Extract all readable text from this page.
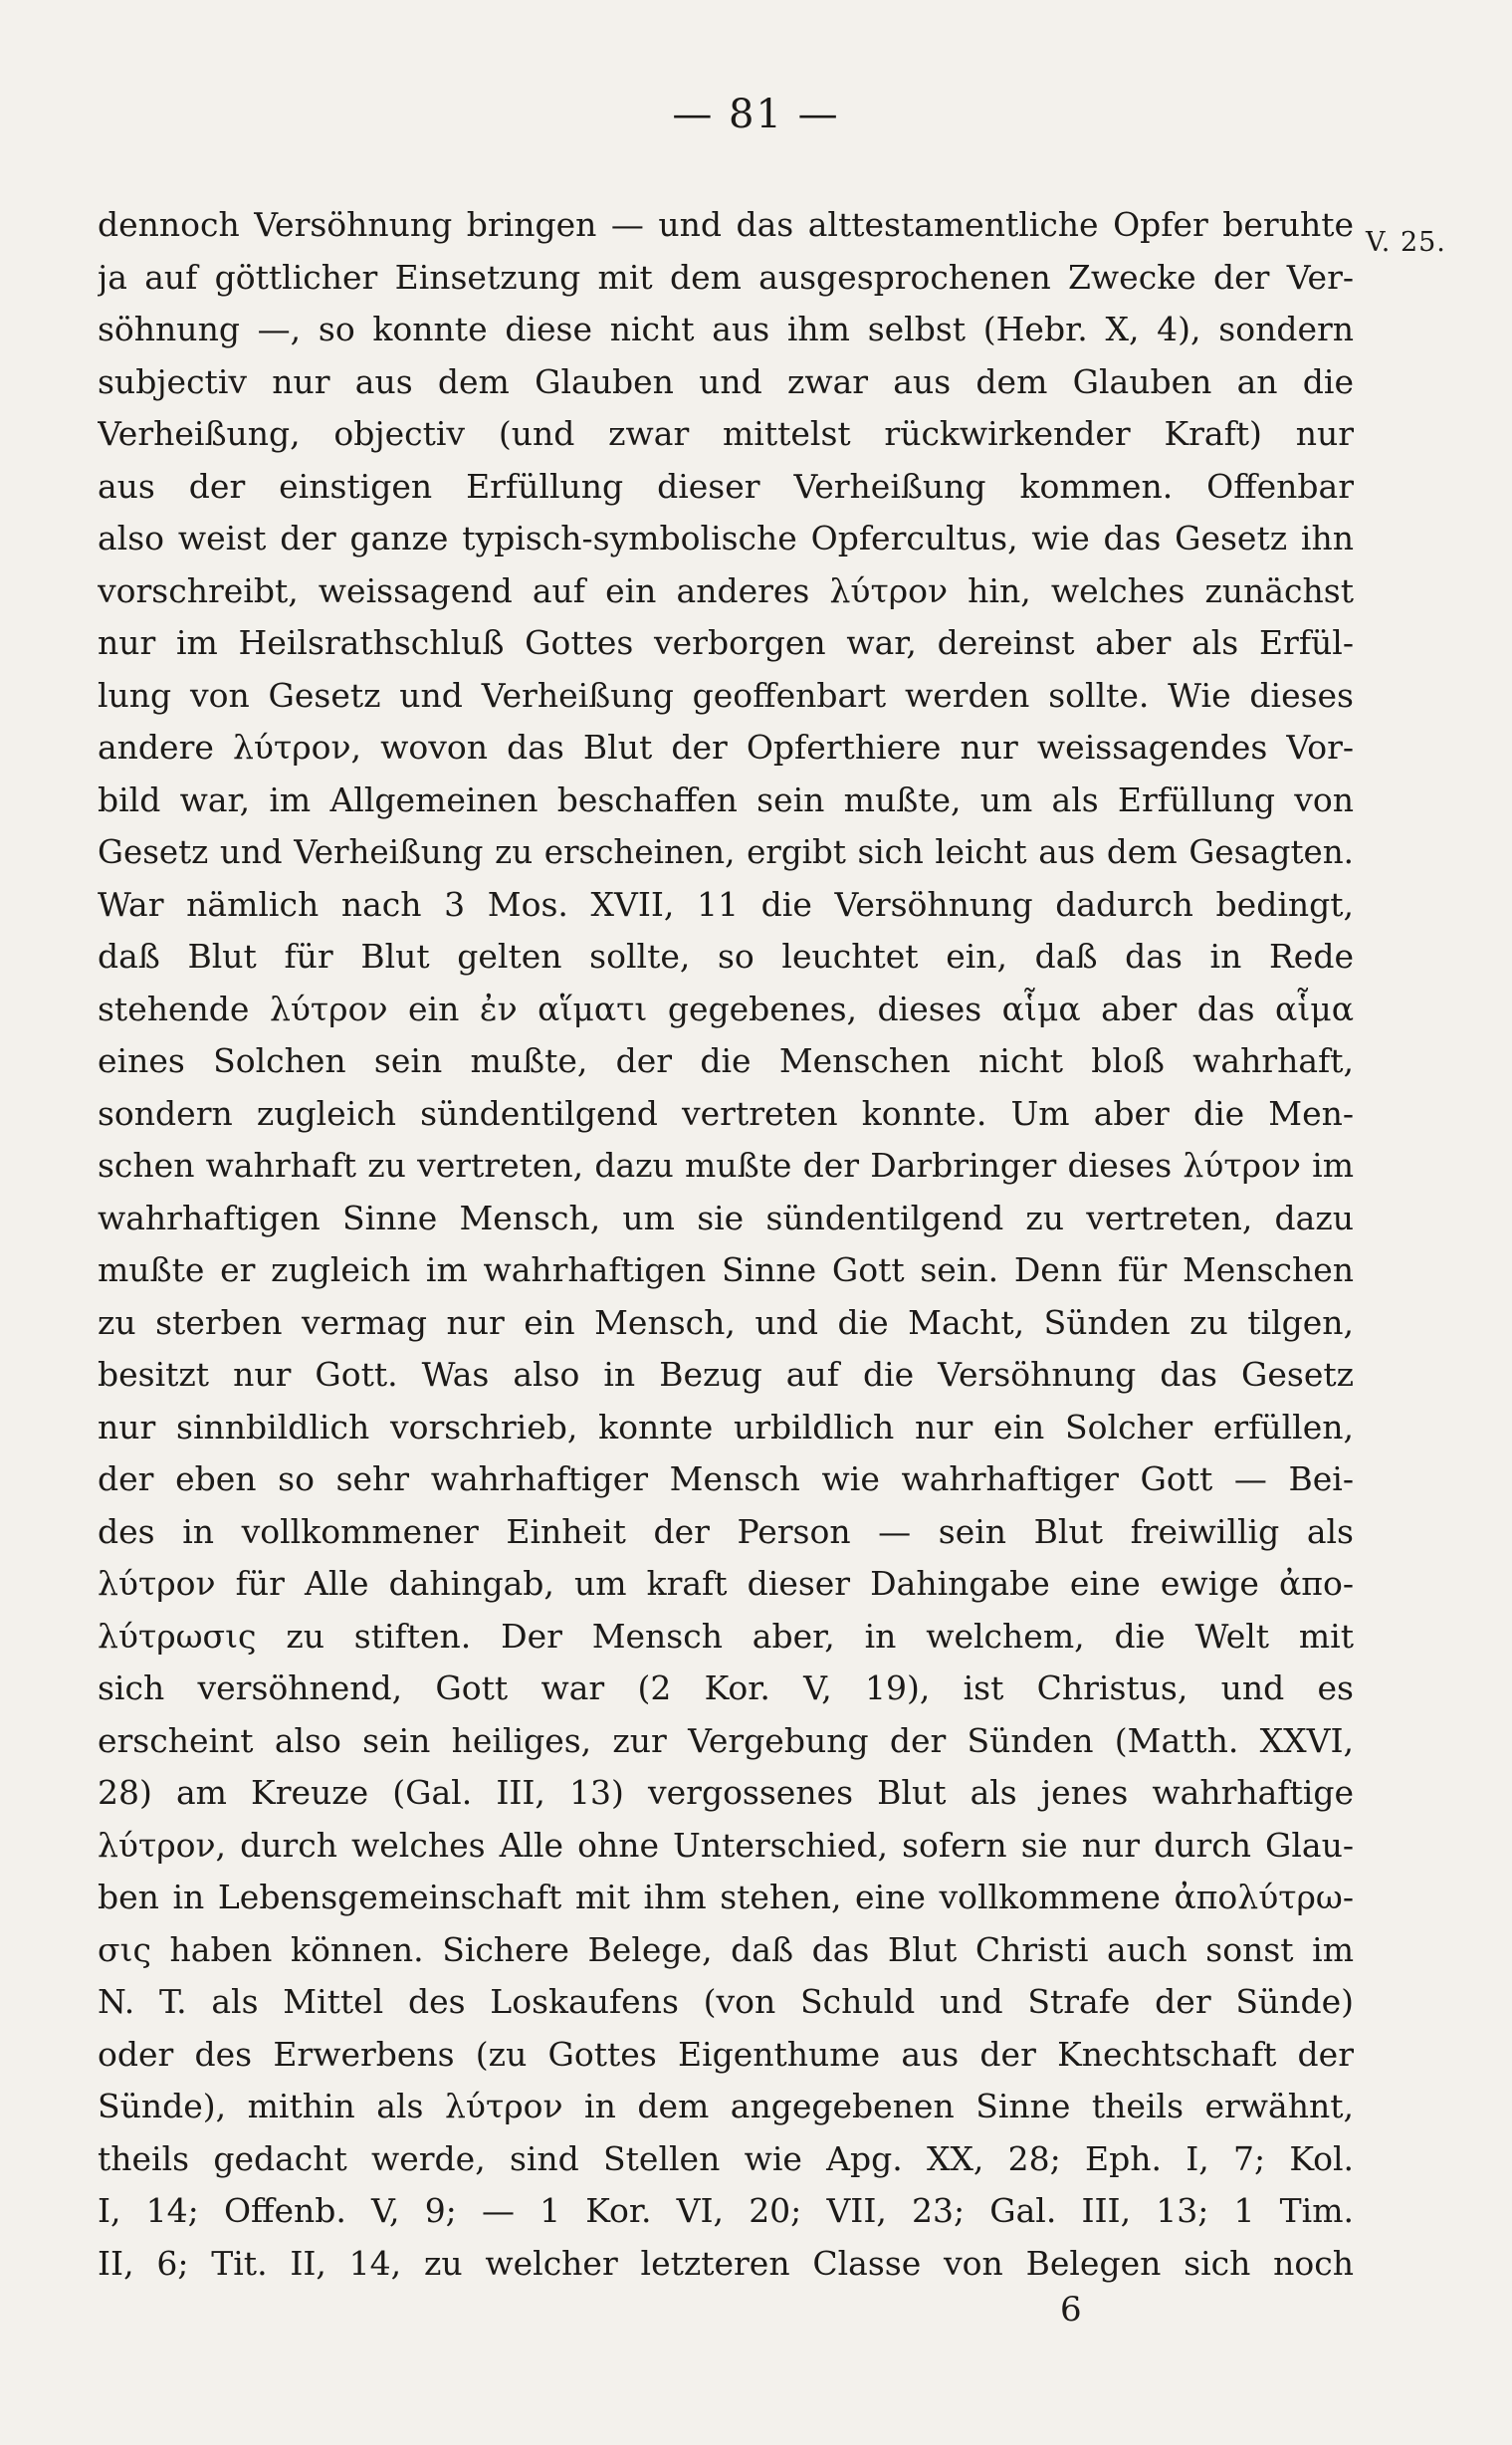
— 81 —
V. 25.
dennoch Versöhnung bringen — und das alttestamentliche Opfer beruhte
ja auf göttlicher Einsetzung mit dem ausgesprochenen Zwecke der Ver-
söhnung —, so konnte diese nicht aus ihm selbst (Hebr. X, 4), sondern
subjectiv nur aus dem Glauben und zwar aus dem Glauben an die
Verheißung, objectiv (und zwar mittelst rückwirkender Kraft) nur
aus der einstigen Erfüllung dieser Verheißung kommen. Offenbar
also weist der ganze typisch-symbolische Opfercultus, wie das Gesetz ihn
vorschreibt, weissagend auf ein anderes λύτρον hin, welches zunächst
nur im Heilsrathschluß Gottes verborgen war, dereinst aber als Erfül-
lung von Gesetz und Verheißung geoffenbart werden sollte. Wie dieses
andere λύτρον, wovon das Blut der Opferthiere nur weissagendes Vor-
bild war, im Allgemeinen beschaffen sein mußte, um als Erfüllung von
Gesetz und Verheißung zu erscheinen, ergibt sich leicht aus dem Gesagten.
War nämlich nach 3 Mos. XVII, 11 die Versöhnung dadurch bedingt,
daß Blut für Blut gelten sollte, so leuchtet ein, daß das in Rede
stehende λύτρον ein ἐν αἵματι gegebenes, dieses αἷμα aber das αἷμα
eines Solchen sein mußte, der die Menschen nicht bloß wahrhaft,
sondern zugleich sündentilgend vertreten konnte. Um aber die Men-
schen wahrhaft zu vertreten, dazu mußte der Darbringer dieses λύτρον im
wahrhaftigen Sinne Mensch, um sie sündentilgend zu vertreten, dazu
mußte er zugleich im wahrhaftigen Sinne Gott sein. Denn für Menschen
zu sterben vermag nur ein Mensch, und die Macht, Sünden zu tilgen,
besitzt nur Gott. Was also in Bezug auf die Versöhnung das Gesetz
nur sinnbildlich vorschrieb, konnte urbildlich nur ein Solcher erfüllen,
der eben so sehr wahrhaftiger Mensch wie wahrhaftiger Gott — Bei-
des in vollkommener Einheit der Person — sein Blut freiwillig als
λύτρον für Alle dahingab, um kraft dieser Dahingabe eine ewige ἀπο-
λύτρωσις zu stiften. Der Mensch aber, in welchem, die Welt mit
sich versöhnend, Gott war (2 Kor. V, 19), ist Christus, und es
erscheint also sein heiliges, zur Vergebung der Sünden (Matth. XXVI,
28) am Kreuze (Gal. III, 13) vergossenes Blut als jenes wahrhaftige
λύτρον, durch welches Alle ohne Unterschied, sofern sie nur durch Glau-
ben in Lebensgemeinschaft mit ihm stehen, eine vollkommene ἀπολύτρω-
σις haben können. Sichere Belege, daß das Blut Christi auch sonst im
N. T. als Mittel des Loskaufens (von Schuld und Strafe der Sünde)
oder des Erwerbens (zu Gottes Eigenthume aus der Knechtschaft der
Sünde), mithin als λύτρον in dem angegebenen Sinne theils erwähnt,
theils gedacht werde, sind Stellen wie Apg. XX, 28; Eph. I, 7; Kol.
I, 14; Offenb. V, 9; — 1 Kor. VI, 20; VII, 23; Gal. III, 13; 1 Tim.
II, 6; Tit. II, 14, zu welcher letzteren Classe von Belegen sich noch
6
